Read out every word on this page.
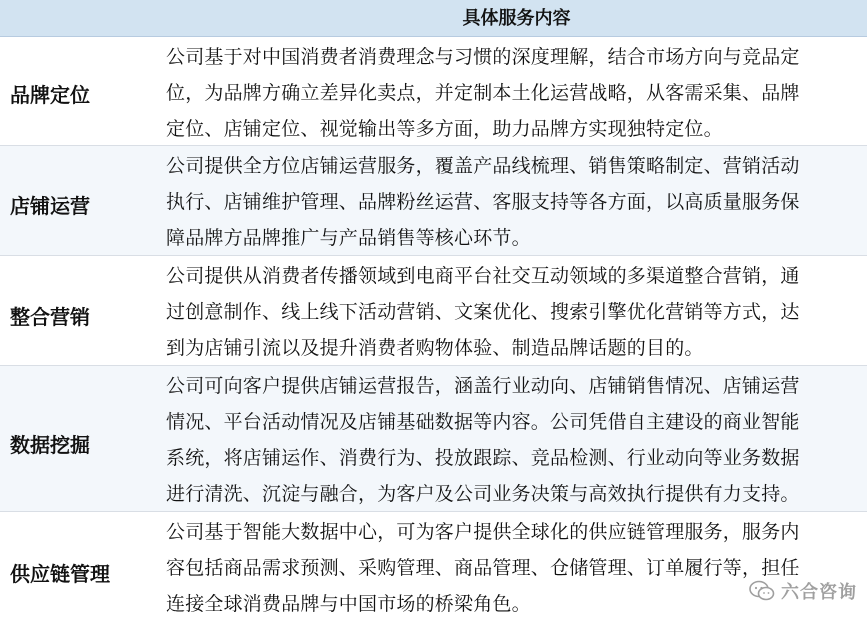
具体服务内容
品牌定位
公司基于对中国消费者消费理念与习惯的深度理解，结合市场方向与竞品定
位，为品牌方确立差异化卖点，并定制本土化运营战略，从客需采集、品牌
定位、店铺定位、视觉输出等多方面，助力品牌方实现独特定位。
店铺运营
公司提供全方位店铺运营服务，覆盖产品线梳理、销售策略制定、营销活动
执行、店铺维护管理、品牌粉丝运营、客服支持等各方面，以高质量服务保
障品牌方品牌推广与产品销售等核心环节。
整合营销
公司提供从消费者传播领域到电商平台社交互动领域的多渠道整合营销，通
过创意制作、线上线下活动营销、文案优化、搜索引擎优化营销等方式，达
到为店铺引流以及提升消费者购物体验、制造品牌话题的目的。
数据挖掘
公司可向客户提供店铺运营报告，涵盖行业动向、店铺销售情况、店铺运营
情况、平台活动情况及店铺基础数据等内容。公司凭借自主建设的商业智能
系统，将店铺运作、消费行为、投放跟踪、竞品检测、行业动向等业务数据
进行清洗、沉淀与融合，为客户及公司业务决策与高效执行提供有力支持。
供应链管理
公司基于智能大数据中心，可为客户提供全球化的供应链管理服务，服务内
容包括商品需求预测、采购管理、商品管理、仓储管理、订单履行等，担任
连接全球消费品牌与中国市场的桥梁角色。
六合咨询
